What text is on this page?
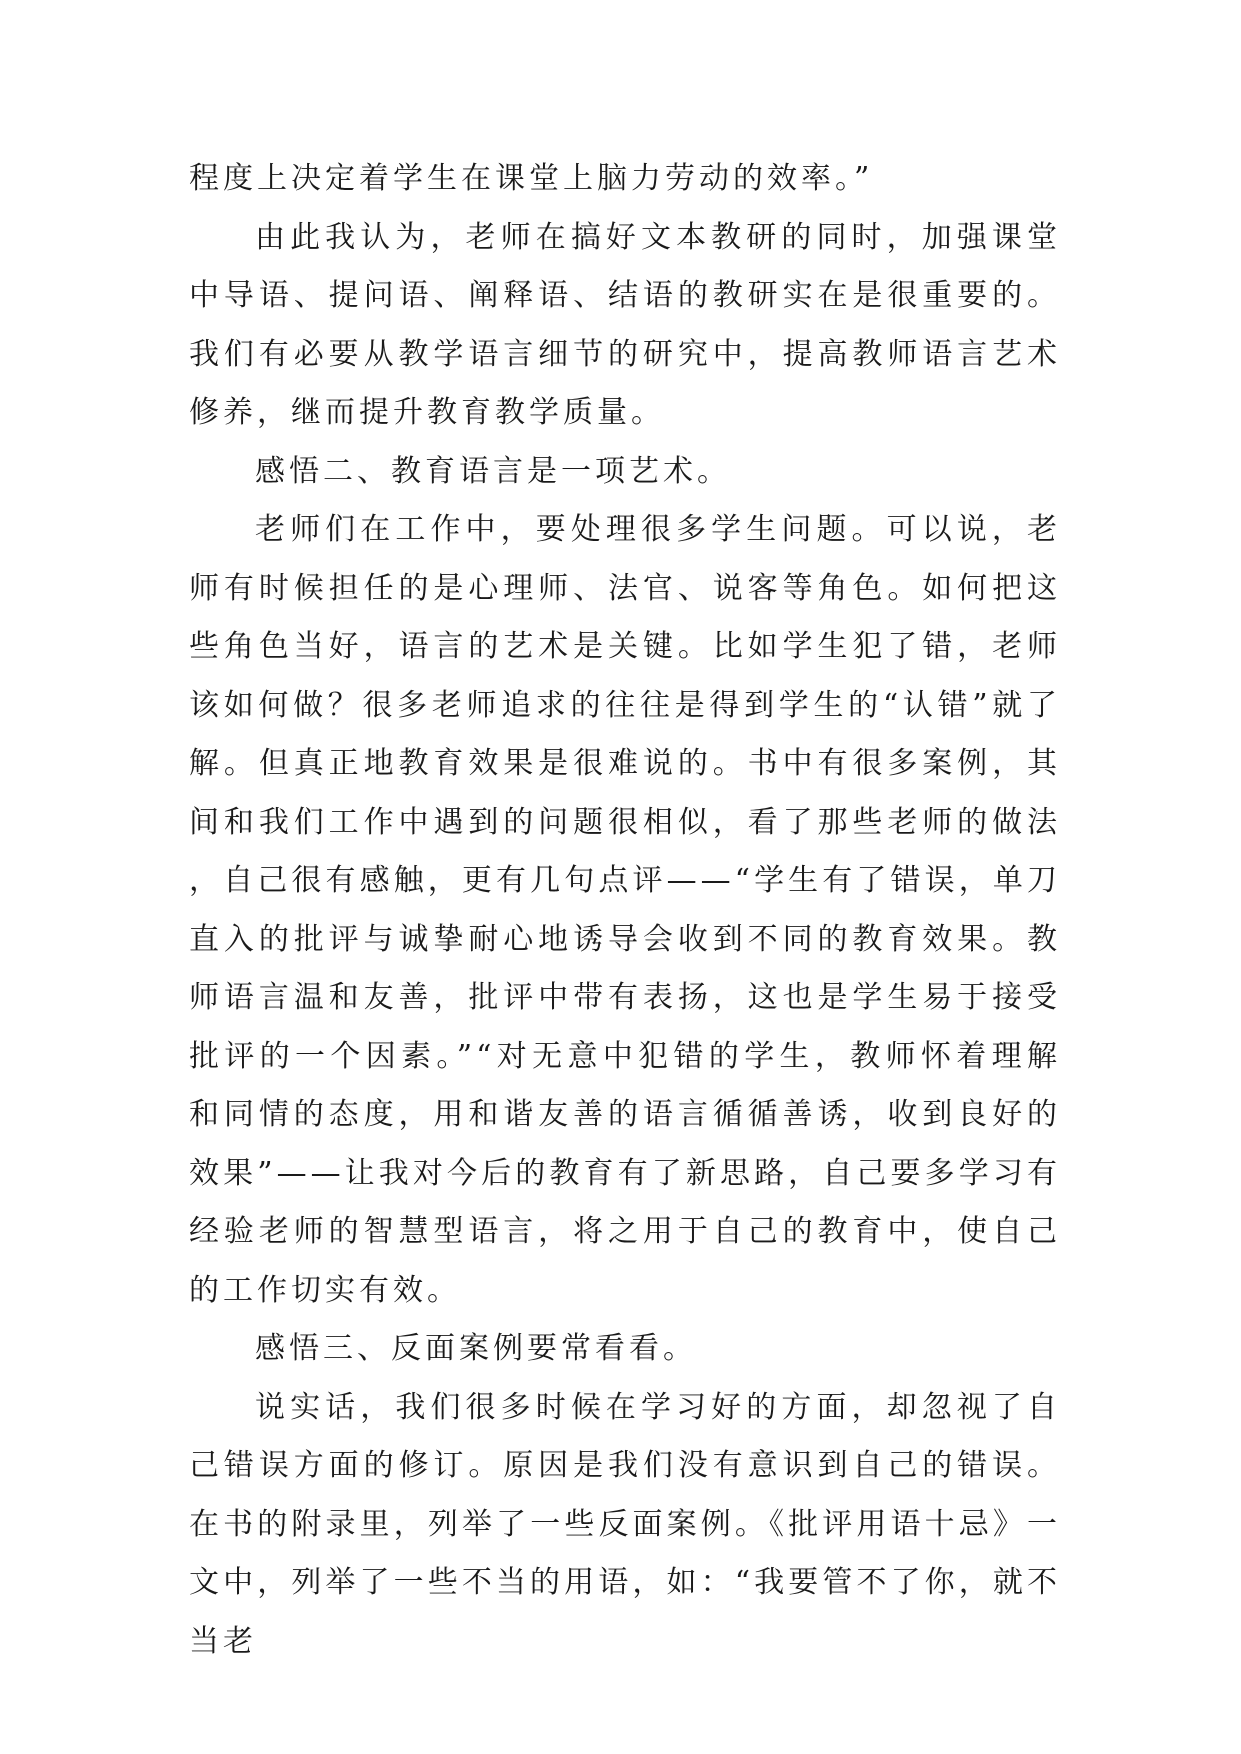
程度上决定着学生在课堂上脑力劳动的效率。”

由此我认为，老师在搞好文本教研的同时，加强课堂中导语、提问语、阐释语、结语的教研实在是很重要的。我们有必要从教学语言细节的研究中，提高教师语言艺术修养，继而提升教育教学质量。

感悟二、教育语言是一项艺术。

老师们在工作中，要处理很多学生问题。可以说，老师有时候担任的是心理师、法官、说客等角色。如何把这些角色当好，语言的艺术是关键。比如学生犯了错，老师该如何做？很多老师追求的往往是得到学生的“认错”就了解。但真正地教育效果是很难说的。书中有很多案例，其间和我们工作中遇到的问题很相似，看了那些老师的做法，自己很有感触，更有几句点评——“学生有了错误，单刀直入的批评与诚挚耐心地诱导会收到不同的教育效果。教师语言温和友善，批评中带有表扬，这也是学生易于接受批评的一个因素。”“对无意中犯错的学生，教师怀着理解和同情的态度，用和谐友善的语言循循善诱，收到良好的效果”——让我对今后的教育有了新思路，自己要多学习有经验老师的智慧型语言，将之用于自己的教育中，使自己的工作切实有效。

感悟三、反面案例要常看看。

说实话，我们很多时候在学习好的方面，却忽视了自己错误方面的修订。原因是我们没有意识到自己的错误。在书的附录里，列举了一些反面案例。《批评用语十忌》一文中，列举了一些不当的用语，如：“我要管不了你，就不当老
